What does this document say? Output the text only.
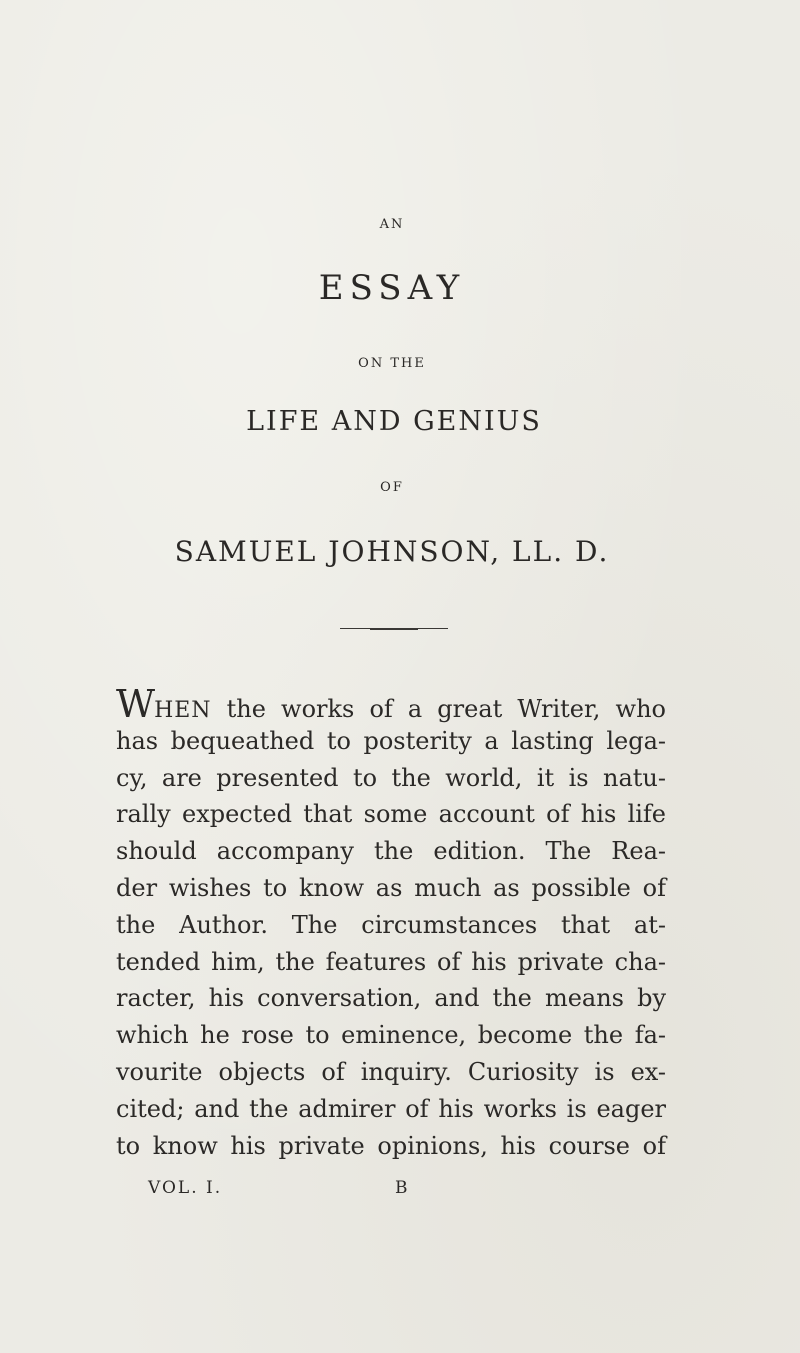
AN
ESSAY
ON THE
LIFE AND GENIUS
OF
SAMUEL JOHNSON, LL. D.
WHEN the works of a great Writer, who
has bequeathed to posterity a lasting lega-
cy, are presented to the world, it is natu-
rally expected that some account of his life
should accompany the edition. The Rea-
der wishes to know as much as possible of
the Author. The circumstances that at-
tended him, the features of his private cha-
racter, his conversation, and the means by
which he rose to eminence, become the fa-
vourite objects of inquiry. Curiosity is ex-
cited; and the admirer of his works is eager
to know his private opinions, his course of
VOL. I.	B
